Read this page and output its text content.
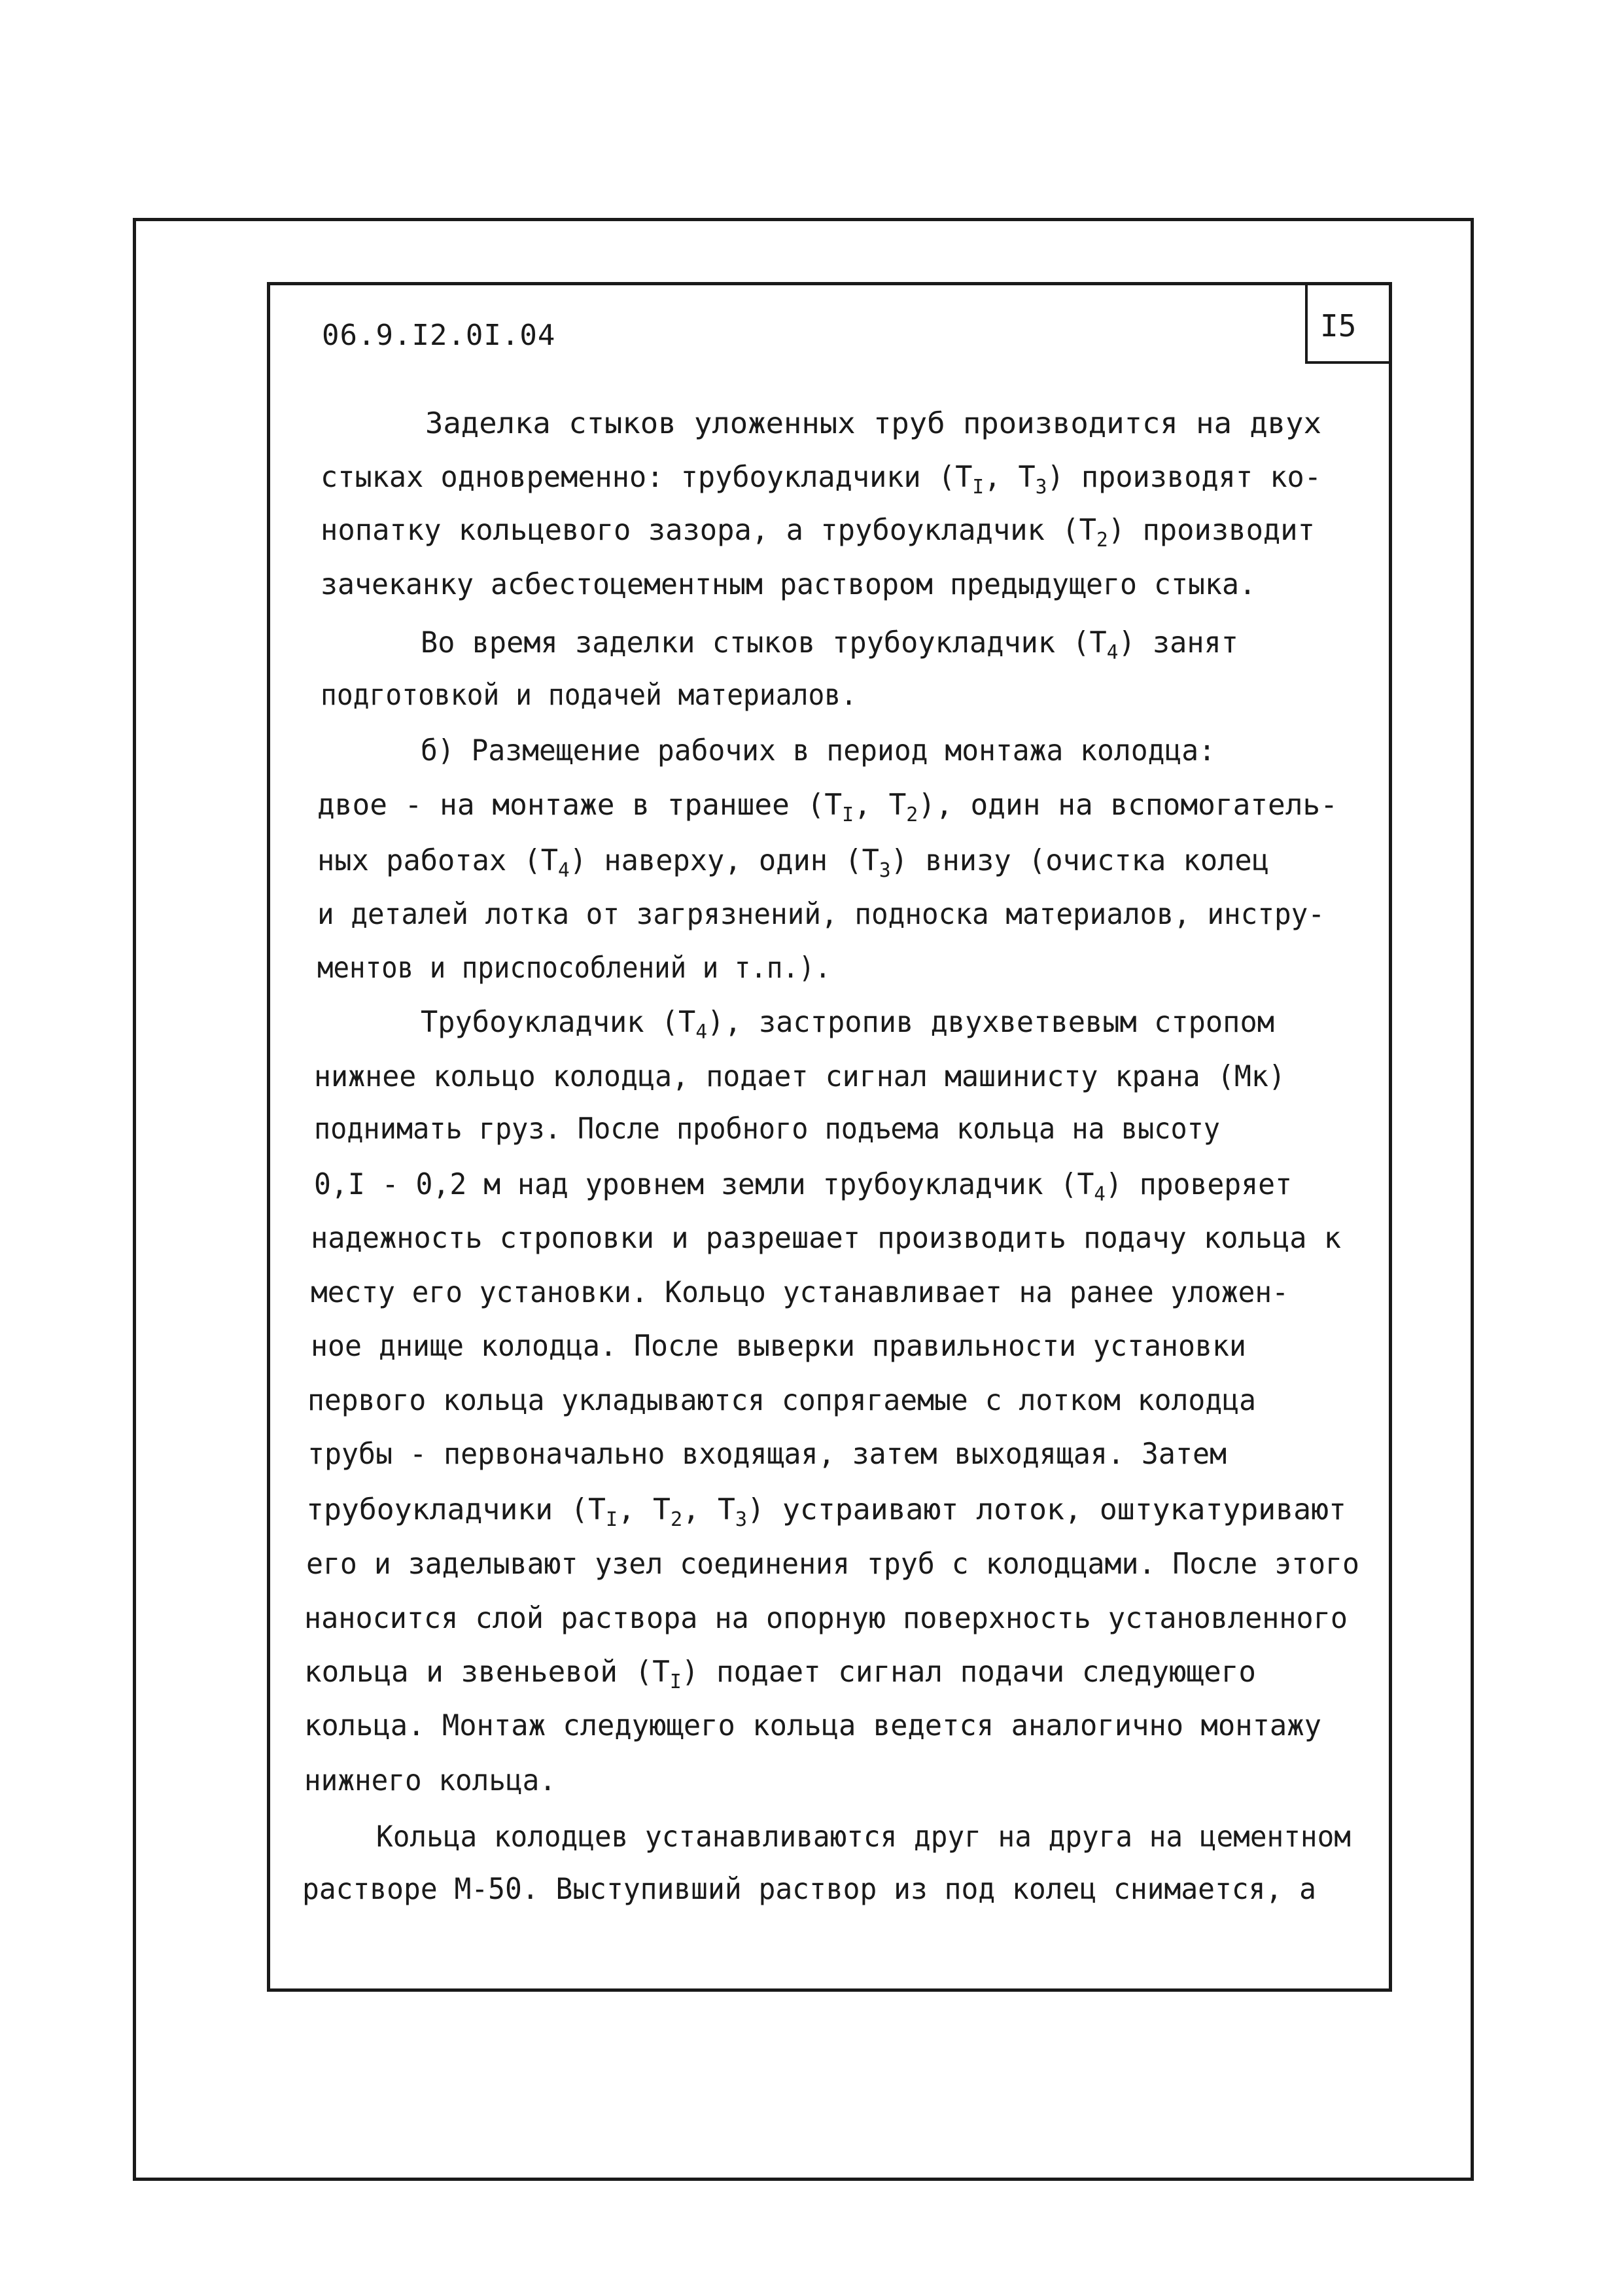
06.9.I2.0I.04	I5
Заделка стыков уложенных труб производится на двух
стыках одновременно: трубоукладчики ($Т_I$, $Т_3$) производят ко-
нопатку кольцевого зазора, а трубоукладчик $(Т_2)$ производит
зачеканку асбестоцементным раствором предыдущего стыка.
Во время заделки стыков трубоукладчик $(Т_4)$ занят
подготовкой и подачей материалов.
б) Размещение рабочих в период монтажа колодца:
двое - на монтаже в траншее ($Т_I$, $Т_2$), один на вспомогатель-
ных работах $(Т_4)$ наверху, один $(Т_3)$ внизу (очистка колец
и деталей лотка от загрязнений, подноска материалов, инстру-
ментов и приспособлений и т.п.).
Трубоукладчик $(Т_4)$, застропив двухветвевым стропом
нижнее кольцо колодца, подает сигнал машинисту крана (Мк)
поднимать груз. После пробного подъема кольца на высоту
0,I - 0,2 м над уровнем земли трубоукладчик $(Т_4)$ проверяет
надежность строповки и разрешает производить подачу кольца к
месту его установки. Кольцо устанавливает на ранее уложен-
ное днище колодца. После выверки правильности установки
первого кольца укладываются сопрягаемые с лотком колодца
трубы - первоначально входящая, затем выходящая. Затем
трубоукладчики ($Т_I$, $Т_2$, $Т_3$) устраивают лоток, оштукатуривают
его и заделывают узел соединения труб с колодцами. После этого
наносится слой раствора на опорную поверхность установленного
кольца и звеньевой $(Т_I)$ подает сигнал подачи следующего
кольца. Монтаж следующего кольца ведется аналогично монтажу
нижнего кольца.
Кольца колодцев устанавливаются друг на друга на цементном
растворе М-50. Выступивший раствор из под колец снимается, а
